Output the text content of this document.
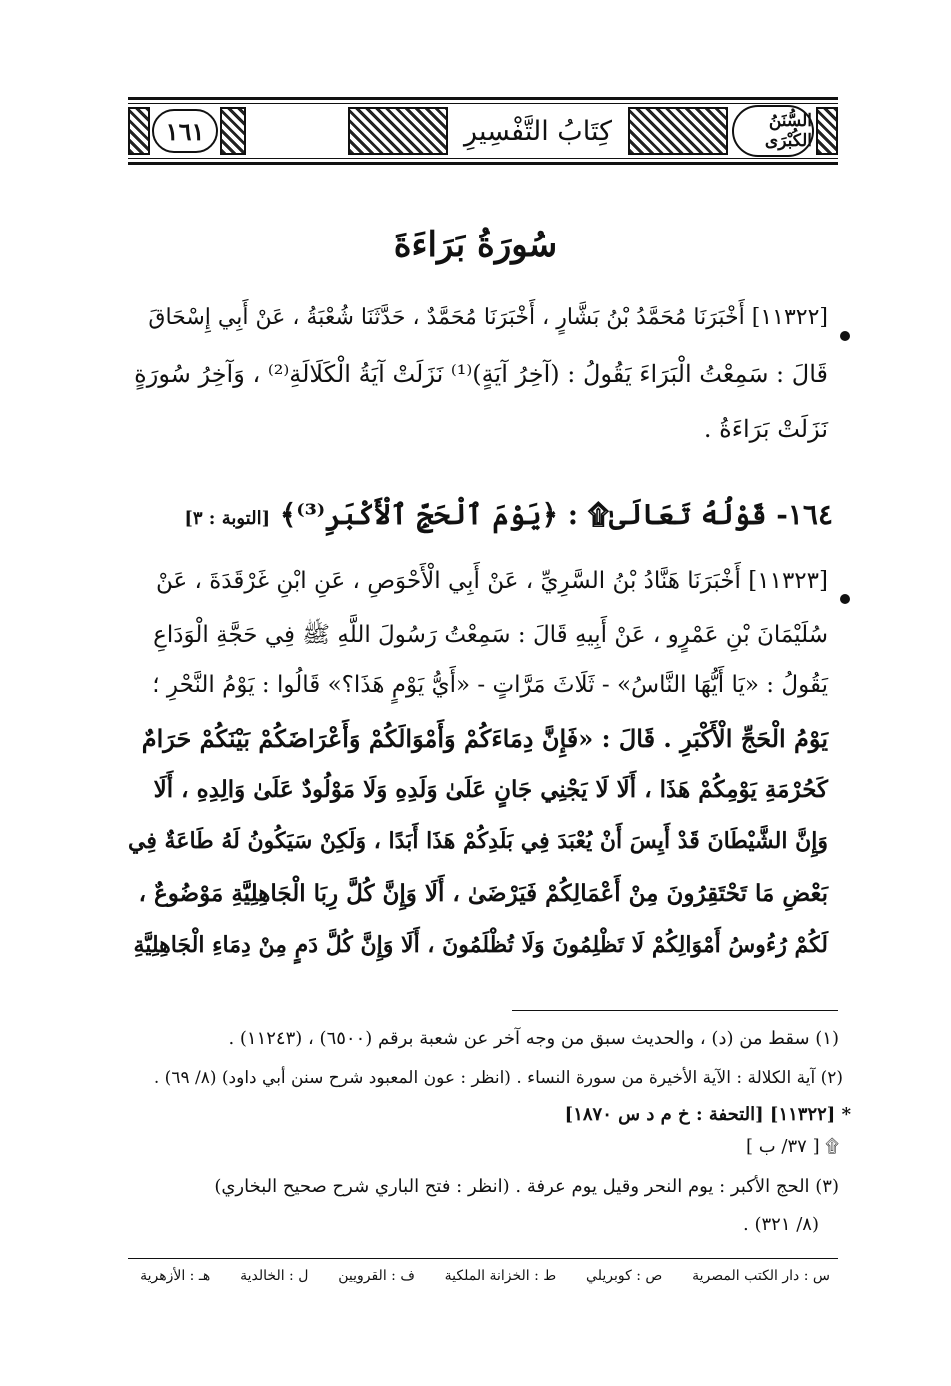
١٦١	كِتَابُ التَّفْسِيرِ	السُّنَنُ الكُبْرَى
سُورَةُ بَرَاءَةَ
[١١٣٢٢] أَخْبَرَنَا مُحَمَّدُ بْنُ بَشَّارٍ ، أَخْبَرَنَا مُحَمَّدٌ ، حَدَّثَنَا شُعْبَةُ ، عَنْ أَبِي إِسْحَاقَ
قَالَ : سَمِعْتُ الْبَرَاءَ يَقُولُ : (آخِرُ آيَةٍ)⁽¹⁾ نَزَلَتْ آيَةُ الْكَلَالَةِ⁽²⁾ ، وَآخِرُ سُورَةٍ
نَزَلَتْ بَرَاءَةُ .
١٦٤- قَوْلُهُ تَعَالَىٰ۩ : ﴿يَوْمَ ٱلْحَجِّ ٱلْأَكْبَرِ⁽³⁾﴾ [التوبة : ٣]
[١١٣٢٣] أَخْبَرَنَا هَنَّادُ بْنُ السَّرِيِّ ، عَنْ أَبِي الْأَحْوَصِ ، عَنِ ابْنِ غَرْقَدَةَ ، عَنْ
سُلَيْمَانَ بْنِ عَمْرٍو ، عَنْ أَبِيهِ قَالَ : سَمِعْتُ رَسُولَ اللَّهِ ﷺ فِي حَجَّةِ الْوَدَاعِ
يَقُولُ : «يَا أَيُّهَا النَّاسُ» - ثَلَاثَ مَرَّاتٍ - «أَيُّ يَوْمٍ هَذَا؟» قَالُوا : يَوْمُ النَّحْرِ ؛
يَوْمُ الْحَجِّ الْأَكْبَرِ . قَالَ : «فَإِنَّ دِمَاءَكُمْ وَأَمْوَالَكُمْ وَأَعْرَاضَكُمْ بَيْنَكُمْ حَرَامٌ
كَحُرْمَةِ يَوْمِكُمْ هَذَا ، أَلَا لَا يَجْنِي جَانٍ عَلَىٰ وَلَدِهِ وَلَا مَوْلُودٌ عَلَىٰ وَالِدِهِ ، أَلَا
وَإِنَّ الشَّيْطَانَ قَدْ أَيِسَ أَنْ يُعْبَدَ فِي بَلَدِكُمْ هَذَا أَبَدًا ، وَلَكِنْ سَيَكُونُ لَهُ طَاعَةٌ فِي
بَعْضِ مَا تَحْتَقِرُونَ مِنْ أَعْمَالِكُمْ فَيَرْضَىٰ ، أَلَا وَإِنَّ كُلَّ رِبَا الْجَاهِلِيَّةِ مَوْضُوعٌ ،
لَكُمْ رُءُوسُ أَمْوَالِكُمْ لَا تَظْلِمُونَ وَلَا تُظْلَمُونَ ، أَلَا وَإِنَّ كُلَّ دَمٍ مِنْ دِمَاءِ الْجَاهِلِيَّةِ
(١) سقط من (د) ، والحديث سبق من وجه آخر عن شعبة برقم (٦٥٠٠) ، (١١٢٤٣) .
(٢) آية الكلالة : الآية الأخيرة من سورة النساء . (انظر : عون المعبود شرح سنن أبي داود) (٨/ ٦٩) .
* [١١٣٢٢] [التحفة : خ م د س ١٨٧٠]
۩ [ ٣٧/ ب ]
(٣) الحج الأكبر : يوم النحر وقيل يوم عرفة . (انظر : فتح الباري شرح صحيح البخاري)
(٨/ ٣٢١) .
س : دار الكتب المصرية
ص : كوبريلي
ط : الخزانة الملكية
ف : القرويين
ل : الخالدية
هـ : الأزهرية
